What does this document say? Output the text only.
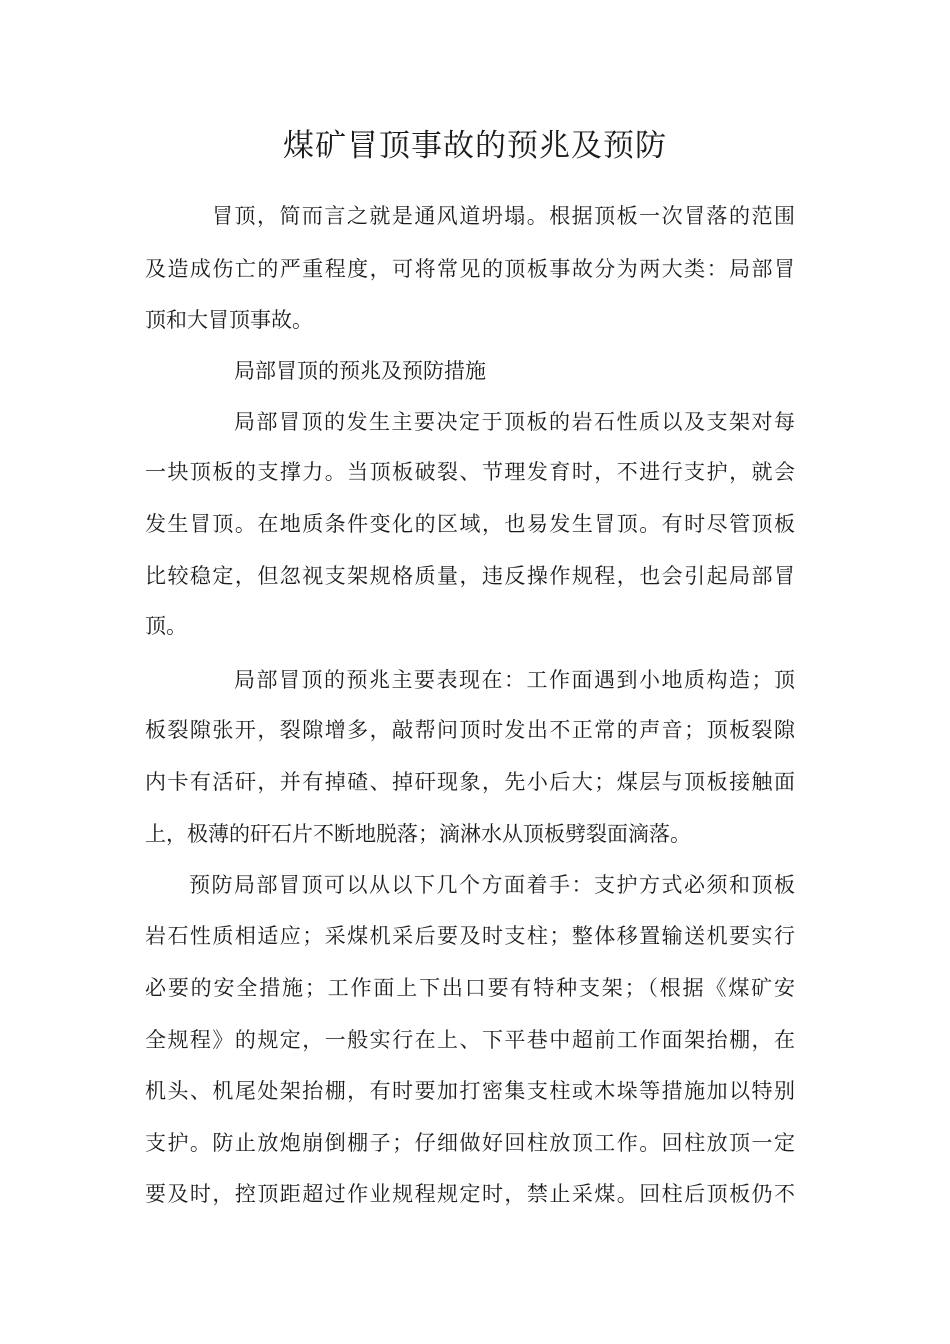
煤矿冒顶事故的预兆及预防

冒顶，简而言之就是通风道坍塌。根据顶板一次冒落的范围

及造成伤亡的严重程度，可将常见的顶板事故分为两大类：局部冒

顶和大冒顶事故。

局部冒顶的预兆及预防措施

局部冒顶的发生主要决定于顶板的岩石性质以及支架对每

一块顶板的支撑力。当顶板破裂、节理发育时，不进行支护，就会

发生冒顶。在地质条件变化的区域，也易发生冒顶。有时尽管顶板

比较稳定，但忽视支架规格质量，违反操作规程，也会引起局部冒

顶。

局部冒顶的预兆主要表现在：工作面遇到小地质构造；顶

板裂隙张开，裂隙增多，敲帮问顶时发出不正常的声音；顶板裂隙

内卡有活矸，并有掉碴、掉矸现象，先小后大；煤层与顶板接触面

上，极薄的矸石片不断地脱落；滴淋水从顶板劈裂面滴落。

预防局部冒顶可以从以下几个方面着手：支护方式必须和顶板

岩石性质相适应；采煤机采后要及时支柱；整体移置输送机要实行

必要的安全措施；工作面上下出口要有特种支架；（根据《煤矿安

全规程》的规定，一般实行在上、下平巷中超前工作面架抬棚，在

机头、机尾处架抬棚，有时要加打密集支柱或木垛等措施加以特别

支护。防止放炮崩倒棚子；仔细做好回柱放顶工作。回柱放顶一定

要及时，控顶距超过作业规程规定时，禁止采煤。回柱后顶板仍不
